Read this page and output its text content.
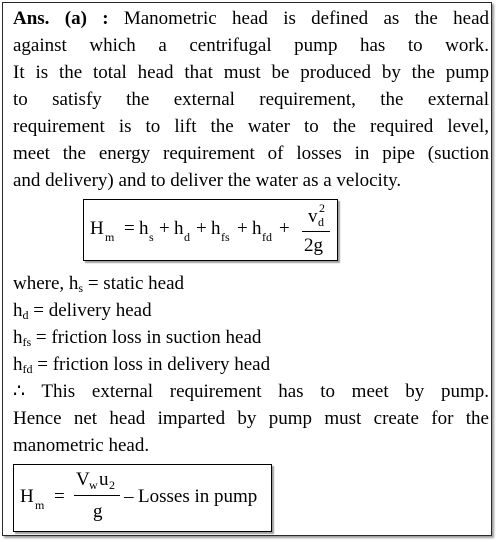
Ans. (a) : Manometric head is defined as the head
against which a centrifugal pump has to work.
It is the total head that must be produced by the pump
to satisfy the external requirement, the external
requirement is to lift the water to the required level,
meet the energy requirement of losses in pipe (suction
and delivery) and to deliver the water as a velocity.
H m = h s + h d + h fs + h fd +
v 2
d
2g
where, $h_s$ = static head
$h_d$ = delivery head
$h_{fs}$ = friction loss in suction head
$h_{fd}$ = friction loss in delivery head
∴ This external requirement has to meet by pump.
Hence net head imparted by pump must create for the
manometric head.
H m =
V w u 2
g
– Losses in pump
